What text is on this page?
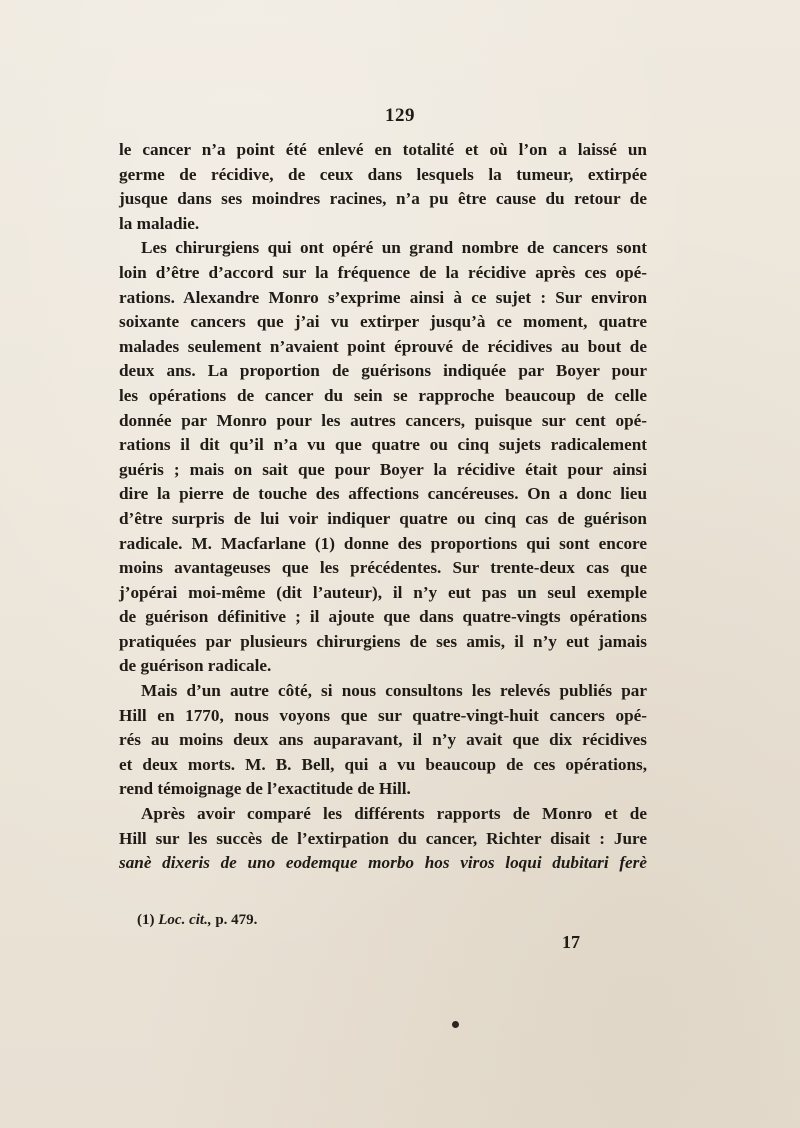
129
le cancer n’a point été enlevé en totalité et où l’on a laissé un
germe de récidive, de ceux dans lesquels la tumeur, extirpée
jusque dans ses moindres racines, n’a pu être cause du retour de
la maladie.
Les chirurgiens qui ont opéré un grand nombre de cancers sont
loin d’être d’accord sur la fréquence de la récidive après ces opé-
rations. Alexandre Monro s’exprime ainsi à ce sujet : Sur environ
soixante cancers que j’ai vu extirper jusqu’à ce moment, quatre
malades seulement n’avaient point éprouvé de récidives au bout de
deux ans. La proportion de guérisons indiquée par Boyer pour
les opérations de cancer du sein se rapproche beaucoup de celle
donnée par Monro pour les autres cancers, puisque sur cent opé-
rations il dit qu’il n’a vu que quatre ou cinq sujets radicalement
guéris ; mais on sait que pour Boyer la récidive était pour ainsi
dire la pierre de touche des affections cancéreuses. On a donc lieu
d’être surpris de lui voir indiquer quatre ou cinq cas de guérison
radicale. M. Macfarlane (1) donne des proportions qui sont encore
moins avantageuses que les précédentes. Sur trente-deux cas que
j’opérai moi-même (dit l’auteur), il n’y eut pas un seul exemple
de guérison définitive ; il ajoute que dans quatre-vingts opérations
pratiquées par plusieurs chirurgiens de ses amis, il n’y eut jamais
de guérison radicale.
Mais d’un autre côté, si nous consultons les relevés publiés par
Hill en 1770, nous voyons que sur quatre-vingt-huit cancers opé-
rés au moins deux ans auparavant, il n’y avait que dix récidives
et deux morts. M. B. Bell, qui a vu beaucoup de ces opérations,
rend témoignage de l’exactitude de Hill.
Après avoir comparé les différents rapports de Monro et de
Hill sur les succès de l’extirpation du cancer, Richter disait : Jure
sanè dixeris de uno eodemque morbo hos viros loqui dubitari ferè
(1) Loc. cit., p. 479.
17
